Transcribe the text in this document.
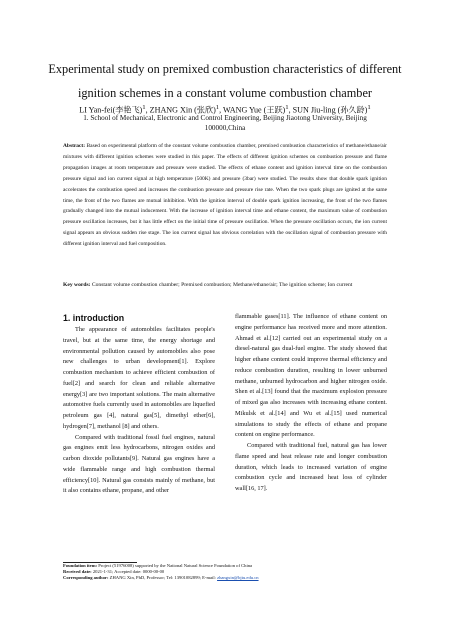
Experimental study on premixed combustion characteristics of different
ignition schemes in a constant volume combustion chamber
LI Yan-fei(李艳飞)$^1$, ZHANG Xin (张欣)$^1$, WANG Yue (王跃)$^1$, SUN Jiu-ling (孙久龄)$^1$
1. School of Mechanical, Electronic and Control Engineering, Beijing Jiaotong University, Beijing
100000,China

Abstract: Based on experimental platform of the constant volume combustion chamber, premixed combustion characteristics of methane/ethane/air mixtures with different ignition schemes were studied in this paper. The effects of different ignition schemes on combustion pressure and flame propagation images at room temperature and pressure were studied. The effects of ethane content and ignition interval time on the combustion pressure signal and ion current signal at high temperature (500K) and pressure (3bar) were studied. The results show that double spark ignition accelerates the combustion speed and increases the combustion pressure and pressure rise rate. When the two spark plugs are ignited at the same time, the front of the two flames are mutual inhibition. With the ignition interval of double spark ignition increasing, the front of the two flames gradually changed into the mutual inducement. With the increase of ignition interval time and ethane content, the maximum value of combustion pressure oscillation increases, but it has little effect on the initial time of pressure oscillation. When the pressure oscillation occurs, the ion current signal appears an obvious sudden rise stage. The ion current signal has obvious correlation with the oscillation signal of combustion pressure with different ignition interval and fuel composition.

Key words: Constant volume combustion chamber; Premixed combustion; Methane/ethane/air; The ignition scheme; Ion current

1. introduction

The appearance of automobiles facilitates people's travel, but at the same time, the energy shortage and environmental pollution caused by automobiles also pose new challenges to urban development[1]. Explore combustion mechanism to achieve efficient combustion of fuel[2] and search for clean and reliable alternative energy[3] are two important solutions. The main alternative automotive fuels currently used in automobiles are liquefied petroleum gas [4], natural gas[5], dimethyl ether[6], hydrogen[7], methanol [8] and others.

Compared with traditional fossil fuel engines, natural gas engines emit less hydrocarbons, nitrogen oxides and carbon dioxide pollutants[9]. Natural gas engines have a wide flammable range and high combustion thermal efficiency[10]. Natural gas consists mainly of methane, but it also contains ethane, propane, and other

flammable gases[11]. The influence of ethane content on engine performance has received more and more attention. Ahmad et al.[12] carried out an experimental study on a diesel-natural gas dual-fuel engine. The study showed that higher ethane content could improve thermal efficiency and reduce combustion duration, resulting in lower unburned methane, unburned hydrocarbon and higher nitrogen oxide. Shen et al.[13] found that the maximum explosion pressure of mixed gas also increases with increasing ethane content. Mikulsk et al.[14] and Wu et al.[15] used numerical simulations to study the effects of ethane and propane content on engine performance.

Compared with traditional fuel, natural gas has lower flame speed and heat release rate and longer combustion duration, which leads to increased variation of engine combustion cycle and increased heat loss of cylinder wall[16, 17].

Foundation item: Project (51976008) supported by the National Natural Science Foundation of China
Received date: 2021-1-31; Accepted date: 0000-00-00
Corresponding author: ZHANG Xin, PhD, Professor; Tel: 13901082899; E-mail: zhangxin@bjtu.edu.cn
